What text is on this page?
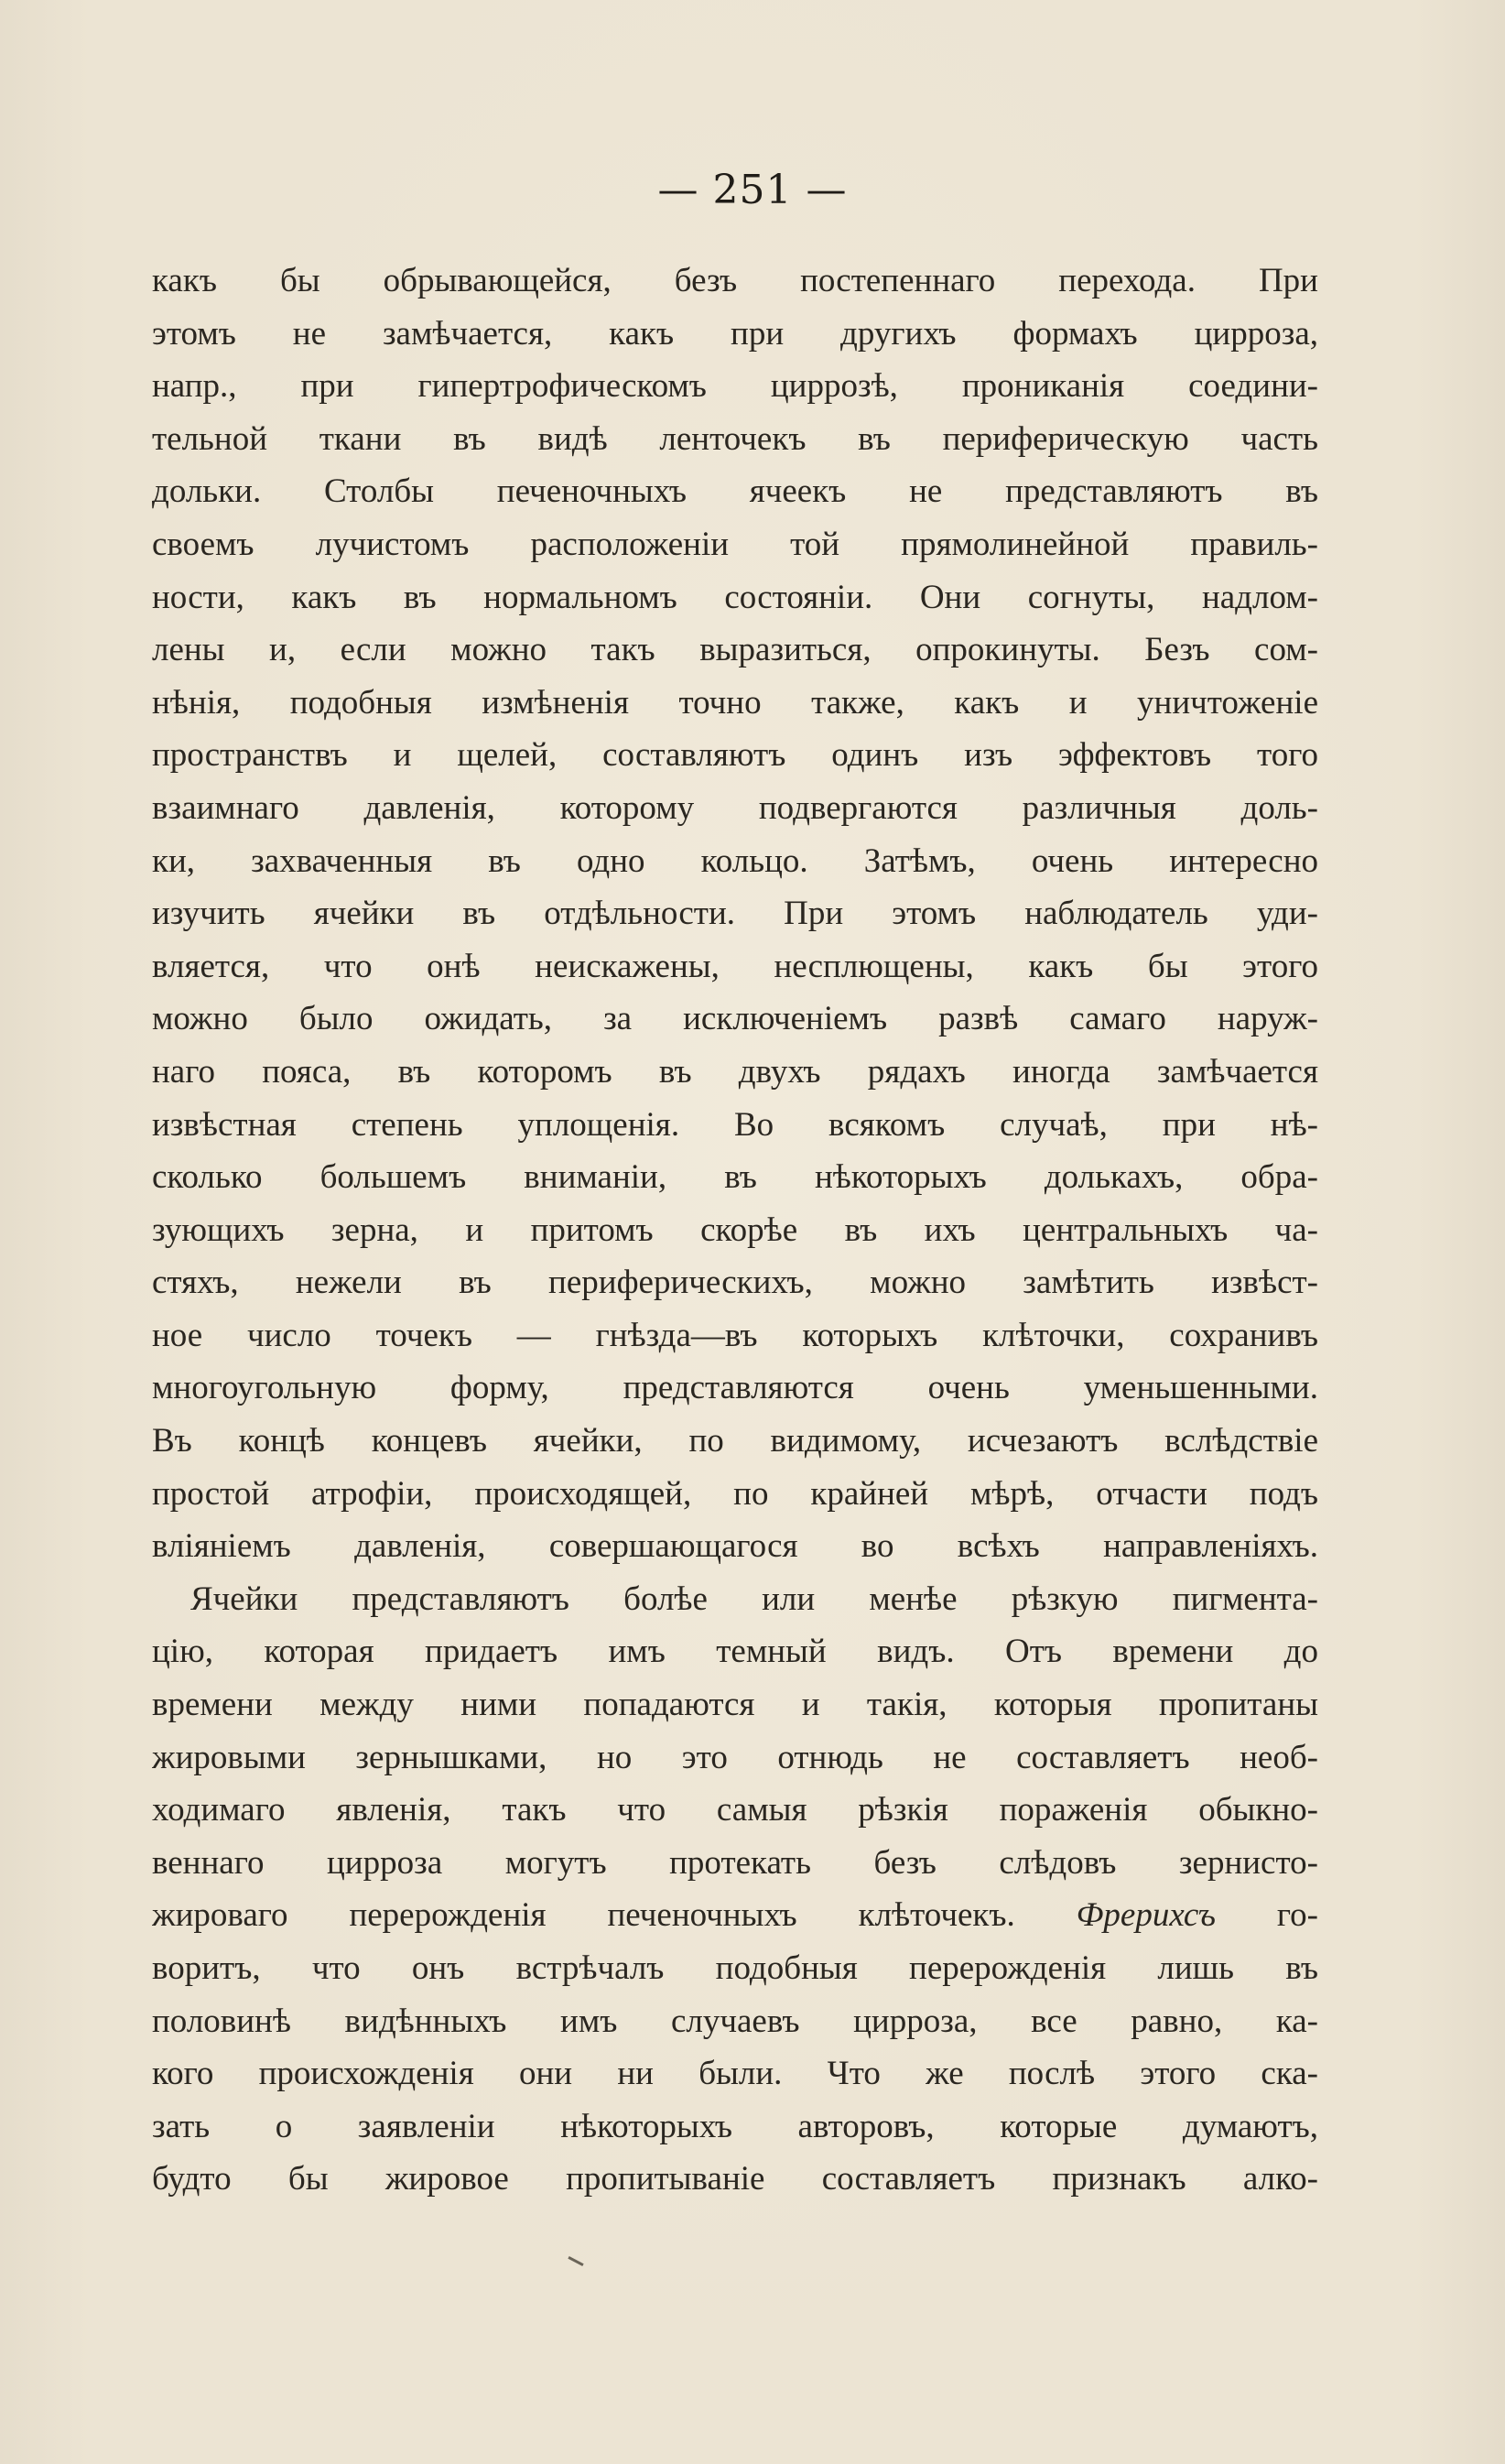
— 251 —
какъ бы обрывающейся, безъ постепеннаго перехода. При
этомъ не замѣчается, какъ при другихъ формахъ цирроза,
напр., при гипертрофическомъ циррозѣ, прониканія соедини-
тельной ткани въ видѣ ленточекъ въ периферическую часть
дольки. Столбы печеночныхъ ячеекъ не представляютъ въ
своемъ лучистомъ расположеніи той прямолинейной правиль-
ности, какъ въ нормальномъ состояніи. Они согнуты, надлом-
лены и, если можно такъ выразиться, опрокинуты. Безъ сом-
нѣнія, подобныя измѣненія точно также, какъ и уничтоженіе
пространствъ и щелей, составляютъ одинъ изъ эффектовъ того
взаимнаго давленія, которому подвергаются различныя доль-
ки, захваченныя въ одно кольцо. Затѣмъ, очень интересно
изучить ячейки въ отдѣльности. При этомъ наблюдатель уди-
вляется, что онѣ неискажены, несплющены, какъ бы этого
можно было ожидать, за исключеніемъ развѣ самаго наруж-
наго пояса, въ которомъ въ двухъ рядахъ иногда замѣчается
извѣстная степень уплощенія. Во всякомъ случаѣ, при нѣ-
сколько большемъ вниманіи, въ нѣкоторыхъ долькахъ, обра-
зующихъ зерна, и притомъ скорѣе въ ихъ центральныхъ ча-
стяхъ, нежели въ периферическихъ, можно замѣтить извѣст-
ное число точекъ — гнѣзда—въ которыхъ клѣточки, сохранивъ
многоугольную форму, представляются очень уменьшенными.
Въ концѣ концевъ ячейки, по видимому, исчезаютъ вслѣдствіе
простой атрофіи, происходящей, по крайней мѣрѣ, отчасти подъ
вліяніемъ давленія, совершающагося во всѣхъ направленіяхъ.
Ячейки представляютъ болѣе или менѣе рѣзкую пигмента-
цію, которая придаетъ имъ темный видъ. Отъ времени до
времени между ними попадаются и такія, которыя пропитаны
жировыми зернышками, но это отнюдь не составляетъ необ-
ходимаго явленія, такъ что самыя рѣзкія пораженія обыкно-
веннаго цирроза могутъ протекать безъ слѣдовъ зернисто-
жироваго перерожденія печеночныхъ клѣточекъ. Фрерихсъ го-
воритъ, что онъ встрѣчалъ подобныя перерожденія лишь въ
половинѣ видѣнныхъ имъ случаевъ цирроза, все равно, ка-
кого происхожденія они ни были. Что же послѣ этого ска-
зать о заявленіи нѣкоторыхъ авторовъ, которые думаютъ,
будто бы жировое пропитываніе составляетъ признакъ алко-
